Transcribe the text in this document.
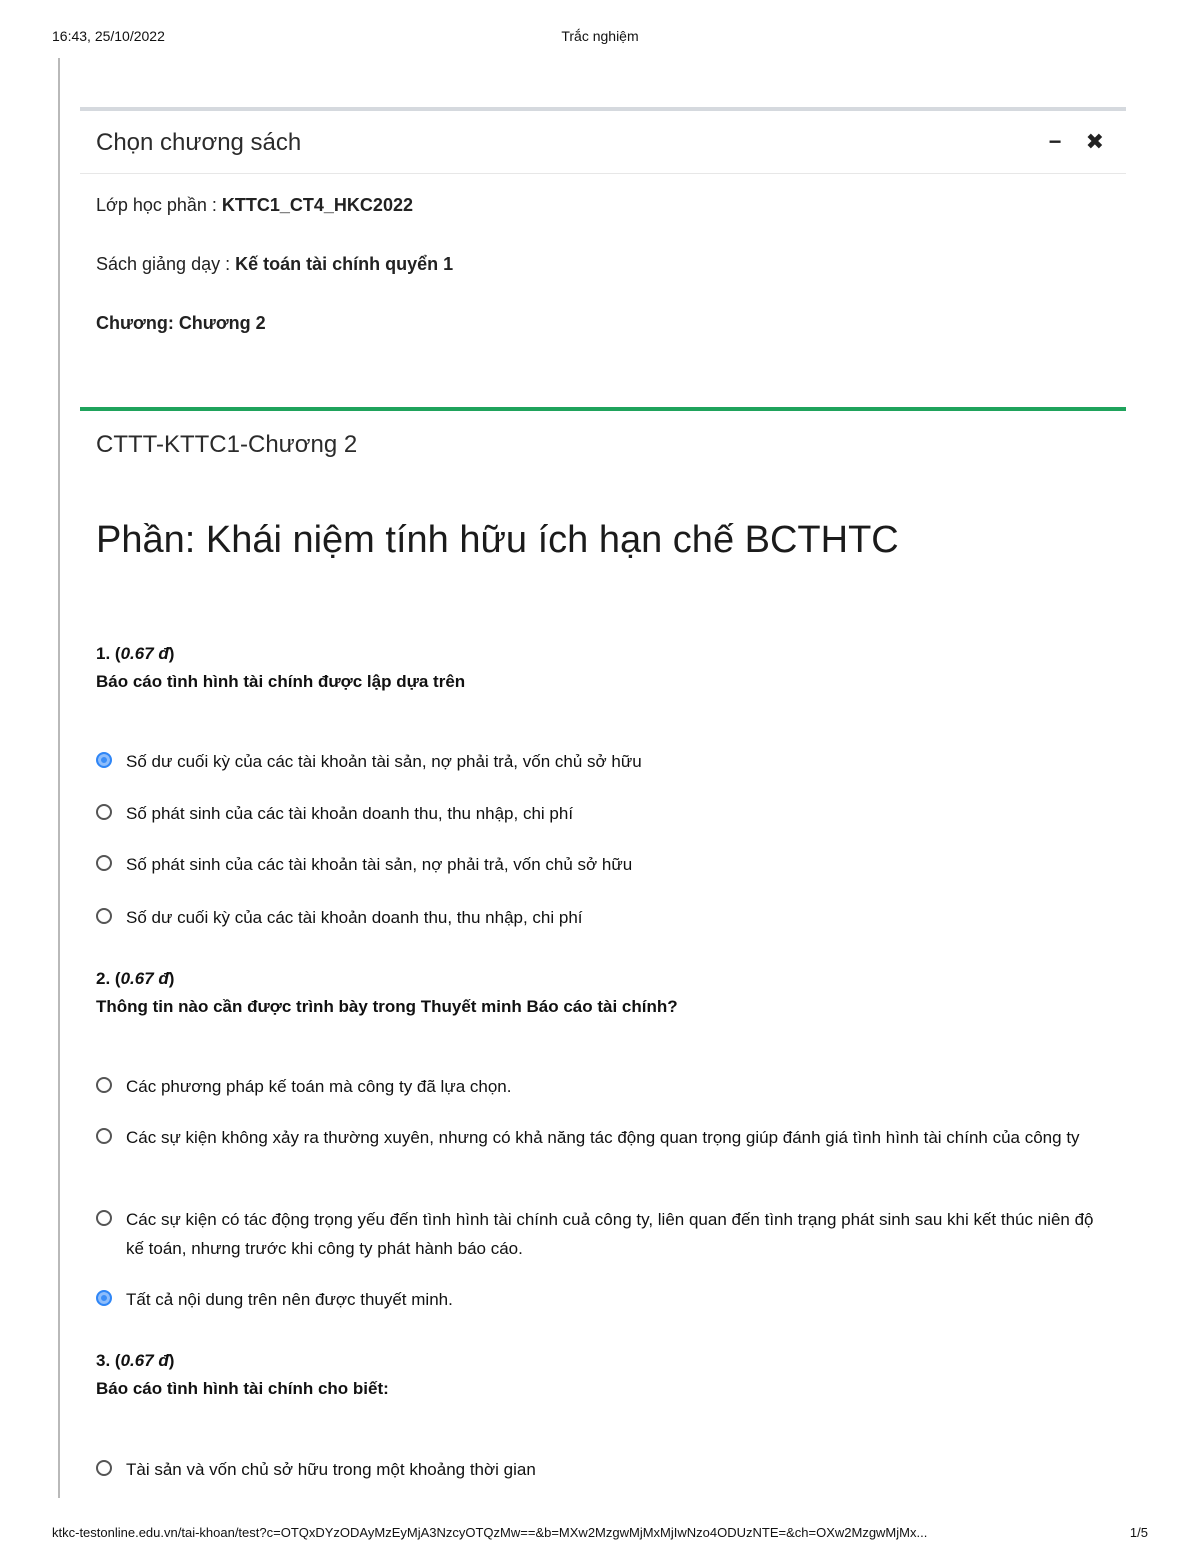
16:43, 25/10/2022	Trắc nghiệm
Chọn chương sách	− ✖
Lớp học phần : KTTC1_CT4_HKC2022
Sách giảng dạy : Kế toán tài chính quyển 1
Chương: Chương 2
CTTT-KTTC1-Chương 2
Phần: Khái niệm tính hữu ích hạn chế BCTHTC
1. (0.67 đ)
Báo cáo tình hình tài chính được lập dựa trên
Số dư cuối kỳ của các tài khoản tài sản, nợ phải trả, vốn chủ sở hữu
Số phát sinh của các tài khoản doanh thu, thu nhập, chi phí
Số phát sinh của các tài khoản tài sản, nợ phải trả, vốn chủ sở hữu
Số dư cuối kỳ của các tài khoản doanh thu, thu nhập, chi phí
2. (0.67 đ)
Thông tin nào cần được trình bày trong Thuyết minh Báo cáo tài chính?
Các phương pháp kế toán mà công ty đã lựa chọn.
Các sự kiện không xảy ra thường xuyên, nhưng có khả năng tác động quan trọng giúp đánh giá tình hình tài chính của công ty
Các sự kiện có tác động trọng yếu đến tình hình tài chính cuả công ty, liên quan đến tình trạng phát sinh sau khi kết thúc niên độ kế toán, nhưng trước khi công ty phát hành báo cáo.
Tất cả nội dung trên nên được thuyết minh.
3. (0.67 đ)
Báo cáo tình hình tài chính cho biết:
Tài sản và vốn chủ sở hữu trong một khoảng thời gian
ktkc-testonline.edu.vn/tai-khoan/test?c=OTQxDYzODAyMzEyMjA3NzcyOTQzMw==&b=MXw2MzgwMjMxMjIwNzo4ODUzNTE=&ch=OXw2MzgwMjMx...	1/5
